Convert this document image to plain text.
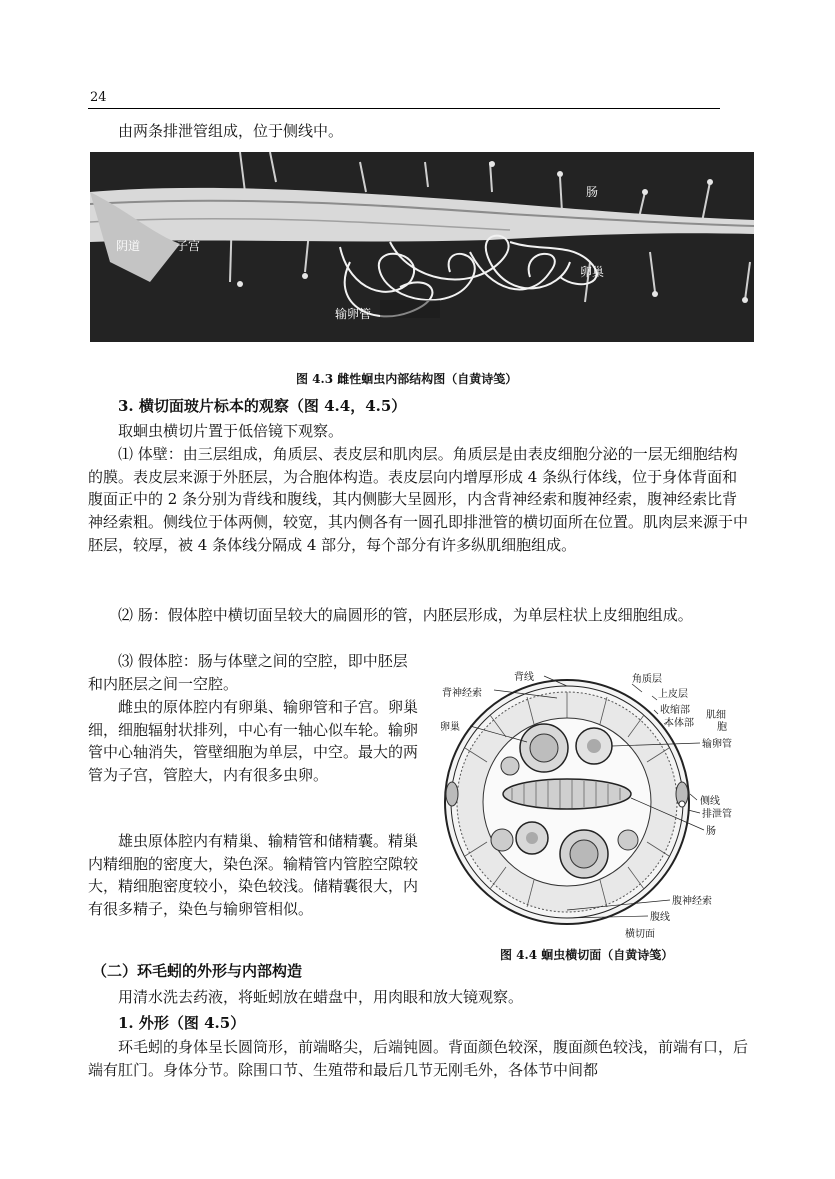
24

由两条排泄管组成，位于侧线中。

阴道	子宫
肠
卵巢
输卵管
图 4.3 雌性蛔虫内部结构图（自黄诗笺）

3. 横切面玻片标本的观察（图 4.4，4.5）

取蛔虫横切片置于低倍镜下观察。

⑴ 体壁：由三层组成，角质层、表皮层和肌肉层。角质层是由表皮细胞分泌的一层无细胞结构的膜。表皮层来源于外胚层，为合胞体构造。表皮层向内增厚形成 4 条纵行体线，位于身体背面和腹面正中的 2 条分别为背线和腹线，其内侧膨大呈圆形，内含背神经索和腹神经索，腹神经索比背神经索粗。侧线位于体两侧，较宽，其内侧各有一圆孔即排泄管的横切面所在位置。肌肉层来源于中胚层，较厚，被 4 条体线分隔成 4 部分，每个部分有许多纵肌细胞组成。

⑵ 肠：假体腔中横切面呈较大的扁圆形的管，内胚层形成，为单层柱状上皮细胞组成。

⑶ 假体腔：肠与体壁之间的空腔，即中胚层和内胚层之间一空腔。

雌虫的原体腔内有卵巢、输卵管和子宫。卵巢细，细胞辐射状排列，中心有一轴心似车轮。输卵管中心轴消失，管壁细胞为单层，中空。最大的两管为子宫，管腔大，内有很多虫卵。

雄虫原体腔内有精巢、输精管和储精囊。精巢内精细胞的密度大，染色深。输精管内管腔空隙较大，精细胞密度较小，染色较浅。储精囊很大，内有很多精子，染色与输卵管相似。

背线
背神经索
角质层
上皮层
收缩部
本体部
肌细
胞
卵巢
输卵管
侧线
排泄管
肠
腹神经索
腹线
横切面
图 4.4 蛔虫横切面（自黄诗笺）

（二）环毛蚓的外形与内部构造

用清水洗去药液，将蚯蚓放在蜡盘中，用肉眼和放大镜观察。

1. 外形（图 4.5）

环毛蚓的身体呈长圆筒形，前端略尖，后端钝圆。背面颜色较深，腹面颜色较浅，前端有口，后端有肛门。身体分节。除围口节、生殖带和最后几节无刚毛外，各体节中间都
